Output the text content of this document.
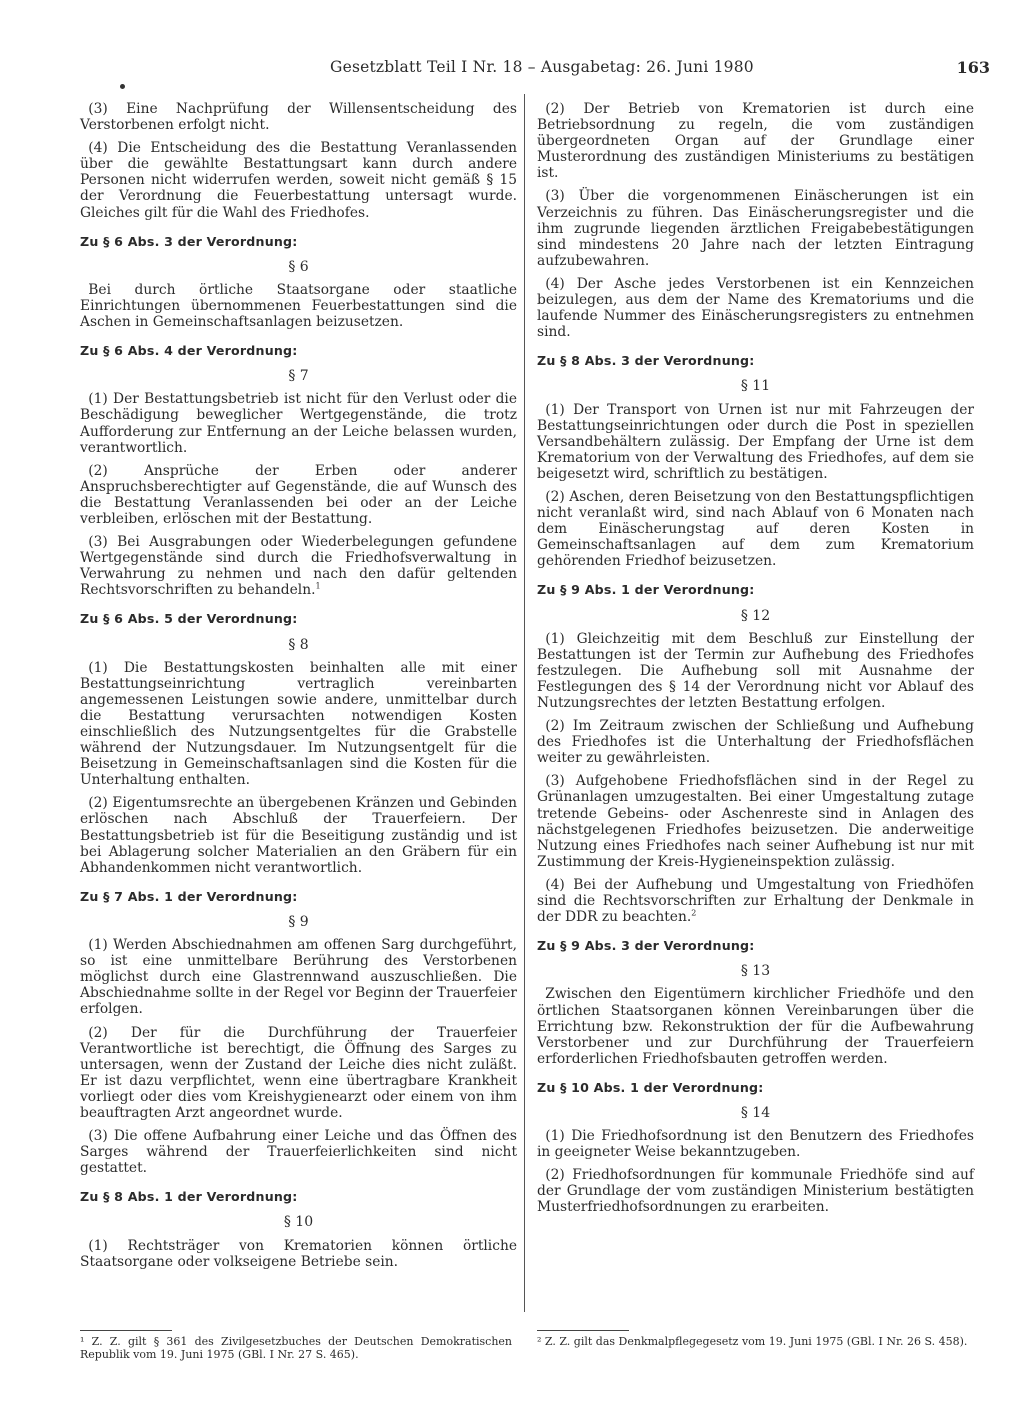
Gesetzblatt Teil I Nr. 18 – Ausgabetag: 26. Juni 1980	163

(3) Eine Nachprüfung der Willensentscheidung des Verstorbenen erfolgt nicht.

(4) Die Entscheidung des die Bestattung Veranlassenden über die gewählte Bestattungsart kann durch andere Personen nicht widerrufen werden, soweit nicht gemäß § 15 der Verordnung die Feuerbestattung untersagt wurde. Gleiches gilt für die Wahl des Friedhofes.

Zu § 6 Abs. 3 der Verordnung:
§ 6

Bei durch örtliche Staatsorgane oder staatliche Einrichtungen übernommenen Feuerbestattungen sind die Aschen in Gemeinschaftsanlagen beizusetzen.

Zu § 6 Abs. 4 der Verordnung:
§ 7

(1) Der Bestattungsbetrieb ist nicht für den Verlust oder die Beschädigung beweglicher Wertgegenstände, die trotz Aufforderung zur Entfernung an der Leiche belassen wurden, verantwortlich.

(2) Ansprüche der Erben oder anderer Anspruchsberechtigter auf Gegenstände, die auf Wunsch des die Bestattung Veranlassenden bei oder an der Leiche verbleiben, erlöschen mit der Bestattung.

(3) Bei Ausgrabungen oder Wiederbelegungen gefundene Wertgegenstände sind durch die Friedhofsverwaltung in Verwahrung zu nehmen und nach den dafür geltenden Rechtsvorschriften zu behandeln.$^1$

Zu § 6 Abs. 5 der Verordnung:
§ 8

(1) Die Bestattungskosten beinhalten alle mit einer Bestattungseinrichtung vertraglich vereinbarten angemessenen Leistungen sowie andere, unmittelbar durch die Bestattung verursachten notwendigen Kosten einschließlich des Nutzungsentgeltes für die Grabstelle während der Nutzungsdauer. Im Nutzungsentgelt für die Beisetzung in Gemeinschaftsanlagen sind die Kosten für die Unterhaltung enthalten.

(2) Eigentumsrechte an übergebenen Kränzen und Gebinden erlöschen nach Abschluß der Trauerfeiern. Der Bestattungsbetrieb ist für die Beseitigung zuständig und ist bei Ablagerung solcher Materialien an den Gräbern für ein Abhandenkommen nicht verantwortlich.

Zu § 7 Abs. 1 der Verordnung:
§ 9

(1) Werden Abschiednahmen am offenen Sarg durchgeführt, so ist eine unmittelbare Berührung des Verstorbenen möglichst durch eine Glastrennwand auszuschließen. Die Abschiednahme sollte in der Regel vor Beginn der Trauerfeier erfolgen.

(2) Der für die Durchführung der Trauerfeier Verantwortliche ist berechtigt, die Öffnung des Sarges zu untersagen, wenn der Zustand der Leiche dies nicht zuläßt. Er ist dazu verpflichtet, wenn eine übertragbare Krankheit vorliegt oder dies vom Kreishygienearzt oder einem von ihm beauftragten Arzt angeordnet wurde.

(3) Die offene Aufbahrung einer Leiche und das Öffnen des Sarges während der Trauerfeierlichkeiten sind nicht gestattet.

Zu § 8 Abs. 1 der Verordnung:
§ 10

(1) Rechtsträger von Krematorien können örtliche Staatsorgane oder volkseigene Betriebe sein.

(2) Der Betrieb von Krematorien ist durch eine Betriebsordnung zu regeln, die vom zuständigen übergeordneten Organ auf der Grundlage einer Musterordnung des zuständigen Ministeriums zu bestätigen ist.

(3) Über die vorgenommenen Einäscherungen ist ein Verzeichnis zu führen. Das Einäscherungsregister und die ihm zugrunde liegenden ärztlichen Freigabebestätigungen sind mindestens 20 Jahre nach der letzten Eintragung aufzubewahren.

(4) Der Asche jedes Verstorbenen ist ein Kennzeichen beizulegen, aus dem der Name des Krematoriums und die laufende Nummer des Einäscherungsregisters zu entnehmen sind.

Zu § 8 Abs. 3 der Verordnung:
§ 11

(1) Der Transport von Urnen ist nur mit Fahrzeugen der Bestattungseinrichtungen oder durch die Post in speziellen Versandbehältern zulässig. Der Empfang der Urne ist dem Krematorium von der Verwaltung des Friedhofes, auf dem sie beigesetzt wird, schriftlich zu bestätigen.

(2) Aschen, deren Beisetzung von den Bestattungspflichtigen nicht veranlaßt wird, sind nach Ablauf von 6 Monaten nach dem Einäscherungstag auf deren Kosten in Gemeinschaftsanlagen auf dem zum Krematorium gehörenden Friedhof beizusetzen.

Zu § 9 Abs. 1 der Verordnung:
§ 12

(1) Gleichzeitig mit dem Beschluß zur Einstellung der Bestattungen ist der Termin zur Aufhebung des Friedhofes festzulegen. Die Aufhebung soll mit Ausnahme der Festlegungen des § 14 der Verordnung nicht vor Ablauf des Nutzungsrechtes der letzten Bestattung erfolgen.

(2) Im Zeitraum zwischen der Schließung und Aufhebung des Friedhofes ist die Unterhaltung der Friedhofsflächen weiter zu gewährleisten.

(3) Aufgehobene Friedhofsflächen sind in der Regel zu Grünanlagen umzugestalten. Bei einer Umgestaltung zutage tretende Gebeins- oder Aschenreste sind in Anlagen des nächstgelegenen Friedhofes beizusetzen. Die anderweitige Nutzung eines Friedhofes nach seiner Aufhebung ist nur mit Zustimmung der Kreis-Hygieneinspektion zulässig.

(4) Bei der Aufhebung und Umgestaltung von Friedhöfen sind die Rechtsvorschriften zur Erhaltung der Denkmale in der DDR zu beachten.$^2$

Zu § 9 Abs. 3 der Verordnung:
§ 13

Zwischen den Eigentümern kirchlicher Friedhöfe und den örtlichen Staatsorganen können Vereinbarungen über die Errichtung bzw. Rekonstruktion der für die Aufbewahrung Verstorbener und zur Durchführung der Trauerfeiern erforderlichen Friedhofsbauten getroffen werden.

Zu § 10 Abs. 1 der Verordnung:
§ 14

(1) Die Friedhofsordnung ist den Benutzern des Friedhofes in geeigneter Weise bekanntzugeben.

(2) Friedhofsordnungen für kommunale Friedhöfe sind auf der Grundlage der vom zuständigen Ministerium bestätigten Musterfriedhofsordnungen zu erarbeiten.

¹ Z. Z. gilt § 361 des Zivilgesetzbuches der Deutschen Demokratischen Republik vom 19. Juni 1975 (GBl. I Nr. 27 S. 465).
² Z. Z. gilt das Denkmalpflegegesetz vom 19. Juni 1975 (GBl. I Nr. 26 S. 458).
